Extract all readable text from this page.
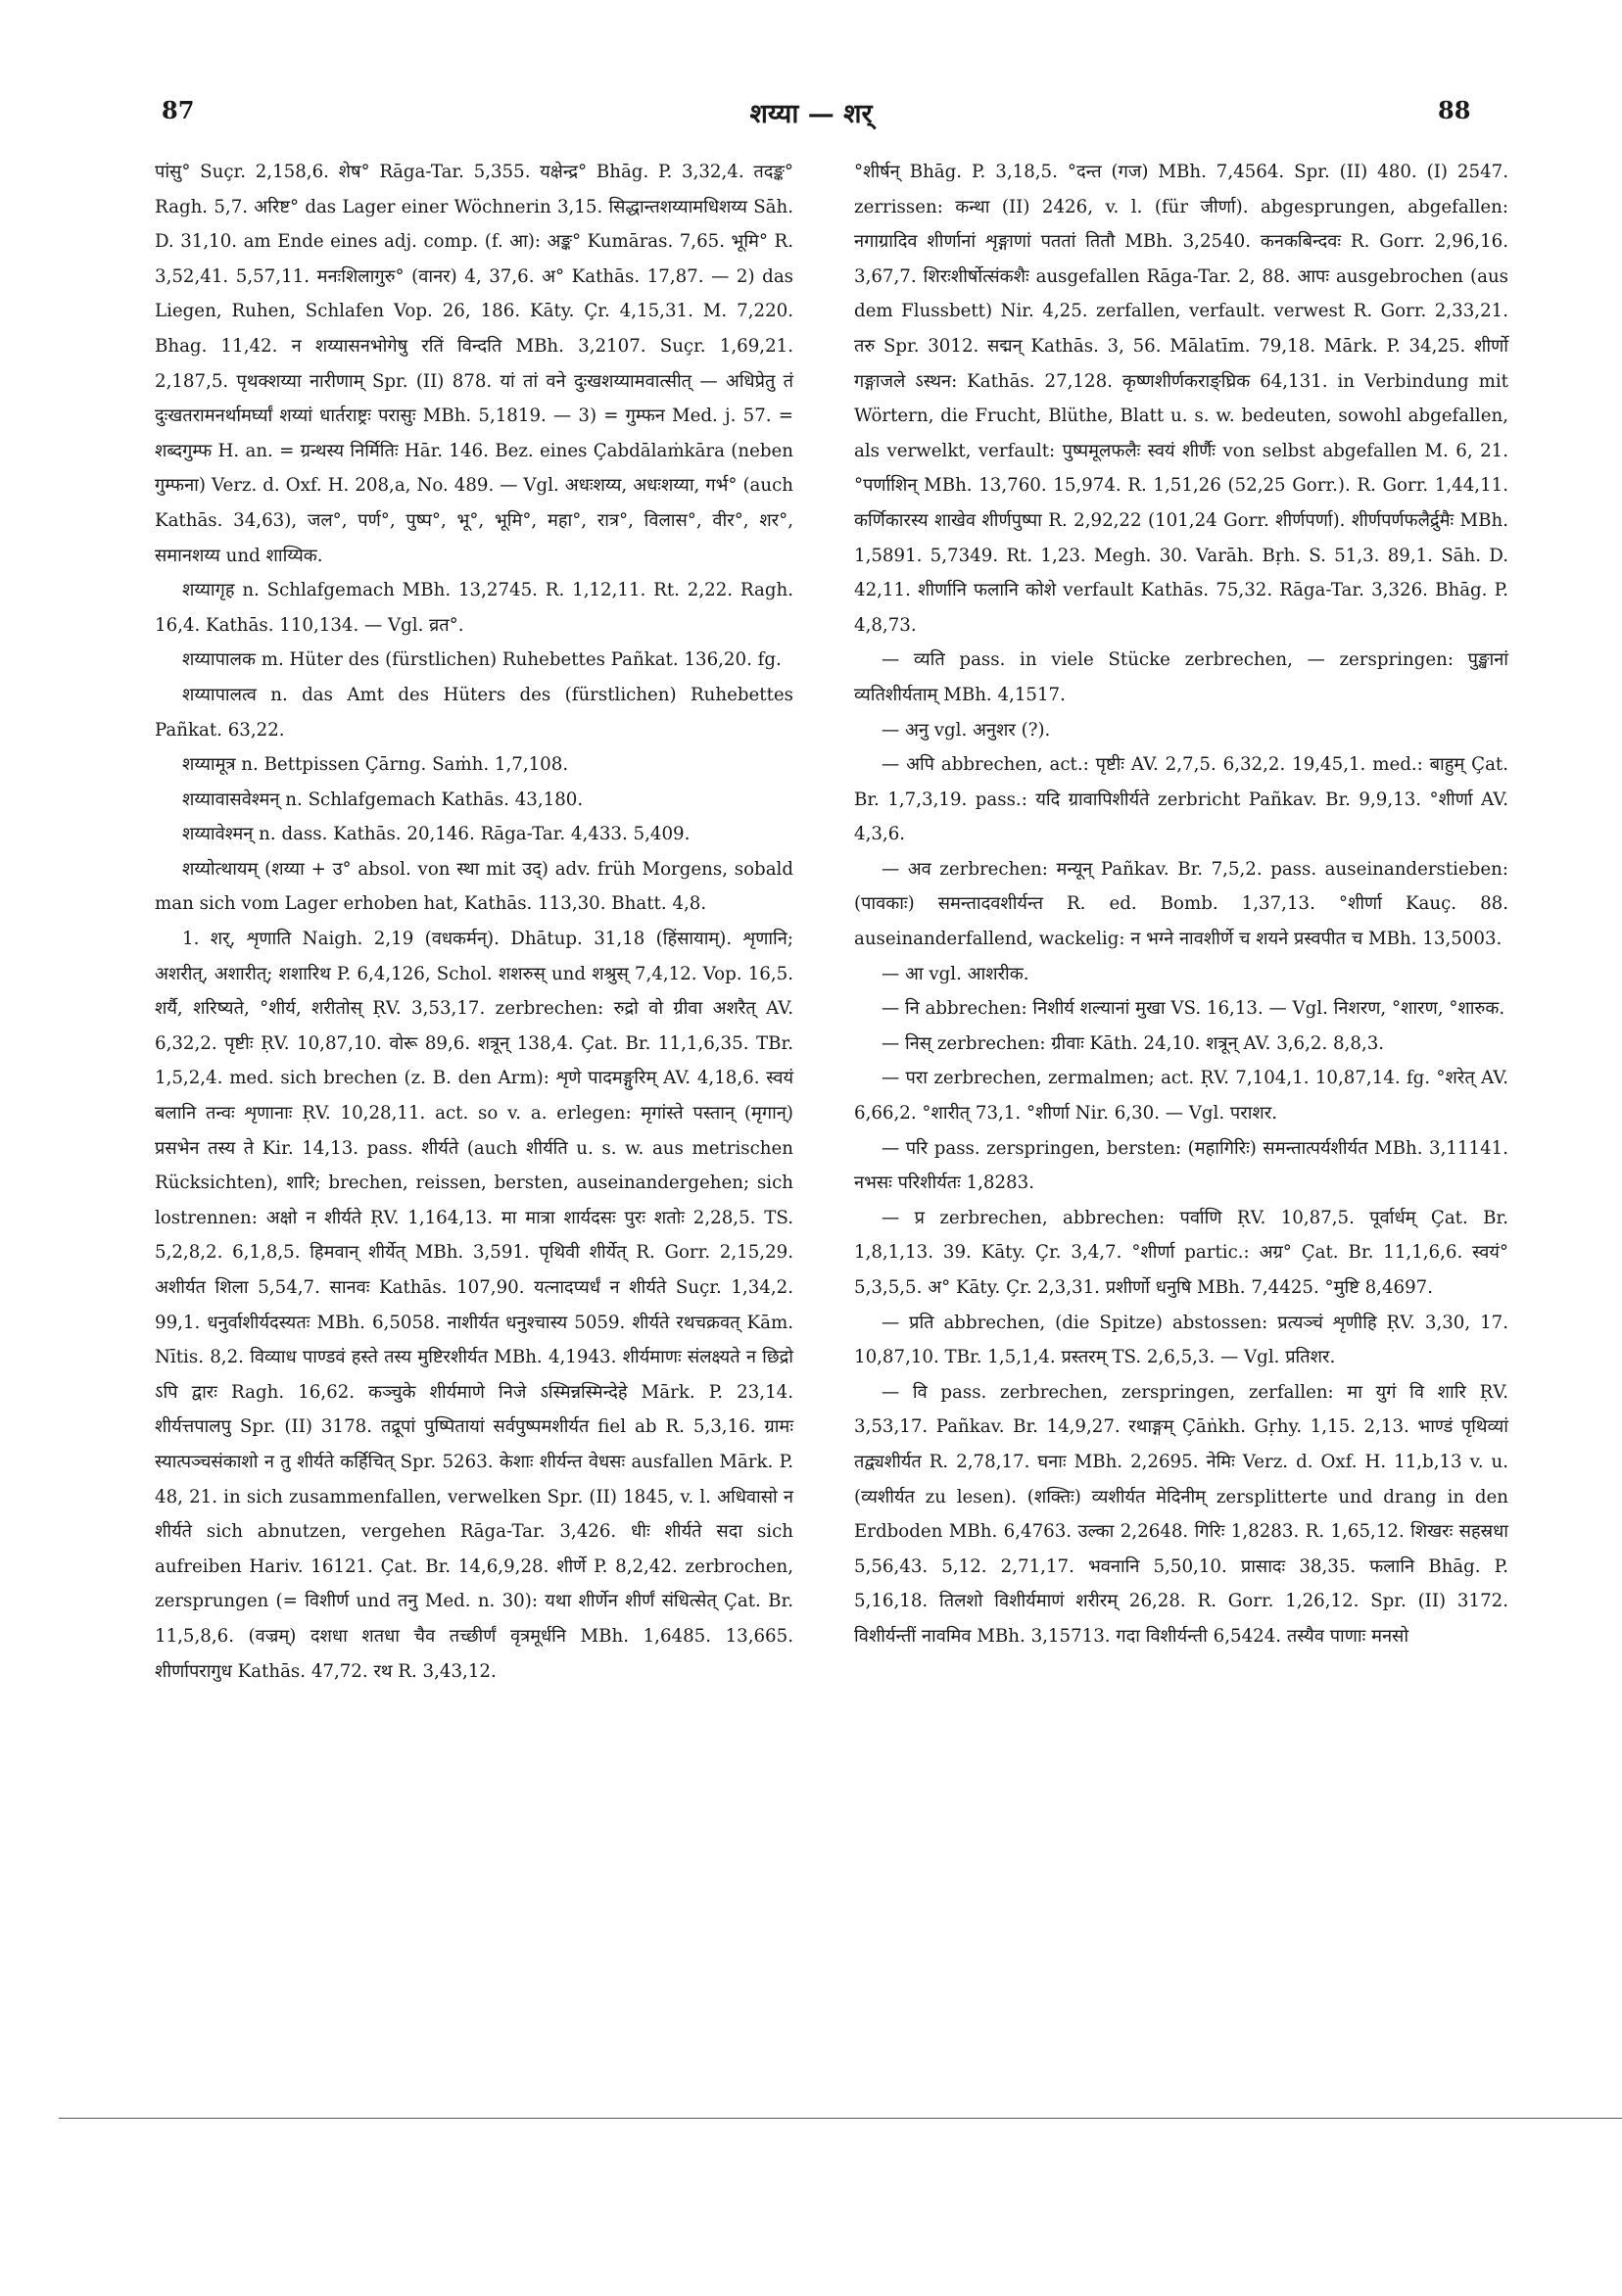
87	शय्या — शर्	88

पांसु° Suçr. 2,158,6. शेष° Rāga-Tar. 5,355. यक्षेन्द्र° Bhāg. P. 3,32,4. तदङ्क° Ragh. 5,7. अरिष्ट° das Lager einer Wöchnerin 3,15. सिद्धान्तशय्यामधिशय्य Sāh. D. 31,10. am Ende eines adj. comp. (f. आ): अङ्क° Kumāras. 7,65. भूमि° R. 3,52,41. 5,57,11. मनःशिलागुरु° (वानर) 4, 37,6. अ° Kathās. 17,87. — 2) das Liegen, Ruhen, Schlafen Vop. 26, 186. Kāty. Çr. 4,15,31. M. 7,220. Bhag. 11,42. न शय्यासनभोगेषु रतिं विन्दति MBh. 3,2107. Suçr. 1,69,21. 2,187,5. पृथक्शय्या नारीणाम् Spr. (II) 878. यां तां वने दुःखशय्यामवात्सीत् — अधिप्रेतु तं दुःखतरामनर्थामर्घ्यां शय्यां धार्तराष्ट्रः परासुः MBh. 5,1819. — 3) = गुम्फन Med. j. 57. = शब्दगुम्फ H. an. = ग्रन्थस्य निर्मितिः Hār. 146. Bez. eines Çabdālaṁkāra (neben गुम्फना) Verz. d. Oxf. H. 208,a, No. 489. — Vgl. अधःशय्य, अधःशय्या, गर्भ° (auch Kathās. 34,63), जल°, पर्ण°, पुष्प°, भू°, भूमि°, महा°, रात्र°, विलास°, वीर°, शर°, समानशय्य und शाय्यिक.

शय्यागृह n. Schlafgemach MBh. 13,2745. R. 1,12,11. Rt. 2,22. Ragh. 16,4. Kathās. 110,134. — Vgl. व्रत°.

शय्यापालक m. Hüter des (fürstlichen) Ruhebettes Pañkat. 136,20. fg.

शय्यापालत्व n. das Amt des Hüters des (fürstlichen) Ruhebettes Pañkat. 63,22.

शय्यामूत्र n. Bettpissen Çārng. Saṁh. 1,7,108.

शय्यावासवेश्मन् n. Schlafgemach Kathās. 43,180.

शय्यावेश्मन् n. dass. Kathās. 20,146. Rāga-Tar. 4,433. 5,409.

शय्योत्थायम् (शय्या + उ° absol. von स्था mit उद्) adv. früh Morgens, sobald man sich vom Lager erhoben hat, Kathās. 113,30. Bhatt. 4,8.

1. शर्, शृणाति Naigh. 2,19 (वधकर्मन्). Dhātup. 31,18 (हिंसायाम्). शृणानि; अशरीत्, अशारीत्; शशारिथ P. 6,4,126, Schol. शशरुस् und शश्रुस् 7,4,12. Vop. 16,5. शर्यै, शरिष्यते, °शीर्य, शरीतोस् ṚV. 3,53,17. zerbrechen: रुद्रो वो ग्रीवा अशरैत् AV. 6,32,2. पृष्टीः ṚV. 10,87,10. वोरू 89,6. शत्रून् 138,4. Çat. Br. 11,1,6,35. TBr. 1,5,2,4. med. sich brechen (z. B. den Arm): शृणे पादमङ्गुरिम् AV. 4,18,6. स्वयं बलानि तन्वः शृणानाः ṚV. 10,28,11. act. so v. a. erlegen: मृगांस्ते पस्तान् (मृगान्) प्रसभेन तस्य ते Kir. 14,13. pass. शीर्यते (auch शीर्यति u. s. w. aus metrischen Rücksichten), शारि; brechen, reissen, bersten, auseinandergehen; sich lostrennen: अक्षो न शीर्यते ṚV. 1,164,13. मा मात्रा शार्यदसः पुरः शतोः 2,28,5. TS. 5,2,8,2. 6,1,8,5. हिमवान् शीर्येत् MBh. 3,591. पृथिवी शीर्येत् R. Gorr. 2,15,29. अशीर्यत शिला 5,54,7. सानवः Kathās. 107,90. यत्नादप्यर्धं न शीर्यते Suçr. 1,34,2. 99,1. धनुर्वाशीर्यदस्यतः MBh. 6,5058. नाशीर्यत धनुश्चास्य 5059. शीर्यते रथचक्रवत् Kām. Nītis. 8,2. विव्याध पाण्डवं हस्ते तस्य मुष्टिरशीर्यत MBh. 4,1943. शीर्यमाणः संलक्ष्यते न छिद्रो ऽपि द्वारः Ragh. 16,62. कञ्चुके शीर्यमाणे निजे ऽस्मिन्नस्मिन्देहे Mārk. P. 23,14. शीर्यत्तपालपु Spr. (II) 3178. तद्रूपां पुष्पितायां सर्वपुष्पमशीर्यत fiel ab R. 5,3,16. ग्रामः स्यात्पञ्चसंकाशो न तु शीर्यते कर्हिचित् Spr. 5263. केशाः शीर्यन्त वेधसः ausfallen Mārk. P. 48, 21. in sich zusammenfallen, verwelken Spr. (II) 1845, v. l. अधिवासो न शीर्यते sich abnutzen, vergehen Rāga-Tar. 3,426. धीः शीर्यते सदा sich aufreiben Hariv. 16121. Çat. Br. 14,6,9,28. शीर्णे P. 8,2,42. zerbrochen, zersprungen (= विशीर्ण und तनु Med. n. 30): यथा शीर्णेन शीर्णं संधित्सेत् Çat. Br. 11,5,8,6. (वज्रम्) दशधा शतधा चैव तच्छीर्णं वृत्रमूर्धनि MBh. 1,6485. 13,665. शीर्णापरागुध Kathās. 47,72. रथ R. 3,43,12.

°शीर्षन् Bhāg. P. 3,18,5. °दन्त (गज) MBh. 7,4564. Spr. (II) 480. (I) 2547. zerrissen: कन्था (II) 2426, v. l. (für जीर्णा). abgesprungen, abgefallen: नगाग्रादिव शीर्णानां शृङ्गाणां पततां तितौ MBh. 3,2540. कनकबिन्दवः R. Gorr. 2,96,16. 3,67,7. शिरःशीर्षोत्संकशैः ausgefallen Rāga-Tar. 2, 88. आपः ausgebrochen (aus dem Flussbett) Nir. 4,25. zerfallen, verfault. verwest R. Gorr. 2,33,21. तरु Spr. 3012. सद्मन् Kathās. 3, 56. Mālatīm. 79,18. Mārk. P. 34,25. शीर्णो गङ्गाजले ऽस्थन: Kathās. 27,128. कृष्णशीर्णकराङ्घ्रिक 64,131. in Verbindung mit Wörtern, die Frucht, Blüthe, Blatt u. s. w. bedeuten, sowohl abgefallen, als verwelkt, verfault: पुष्पमूलफलैः स्वयं शीर्णैः von selbst abgefallen M. 6, 21. °पर्णाशिन् MBh. 13,760. 15,974. R. 1,51,26 (52,25 Gorr.). R. Gorr. 1,44,11. कर्णिकारस्य शाखेव शीर्णपुष्पा R. 2,92,22 (101,24 Gorr. शीर्णपर्णा). शीर्णपर्णफलैर्द्रुमैः MBh. 1,5891. 5,7349. Rt. 1,23. Megh. 30. Varāh. Bṛh. S. 51,3. 89,1. Sāh. D. 42,11. शीर्णानि फलानि कोशे verfault Kathās. 75,32. Rāga-Tar. 3,326. Bhāg. P. 4,8,73.

— व्यति pass. in viele Stücke zerbrechen, — zerspringen: पुङ्खानां व्यतिशीर्यताम् MBh. 4,1517.

— अनु vgl. अनुशर (?).

— अपि abbrechen, act.: पृष्टीः AV. 2,7,5. 6,32,2. 19,45,1. med.: बाहुम् Çat. Br. 1,7,3,19. pass.: यदि ग्रावापिशीर्यते zerbricht Pañkav. Br. 9,9,13. °शीर्णा AV. 4,3,6.

— अव zerbrechen: मन्यून् Pañkav. Br. 7,5,2. pass. auseinanderstieben: (पावकाः) समन्तादवशीर्यन्त R. ed. Bomb. 1,37,13. °शीर्णा Kauç. 88. auseinanderfallend, wackelig: न भग्ने नावशीर्णे च शयने प्रस्वपीत च MBh. 13,5003.

— आ vgl. आशरीक.

— नि abbrechen: निशीर्य शल्यानां मुखा VS. 16,13. — Vgl. निशरण, °शारण, °शारुक.

— निस् zerbrechen: ग्रीवाः Kāth. 24,10. शत्रून् AV. 3,6,2. 8,8,3.

— परा zerbrechen, zermalmen; act. ṚV. 7,104,1. 10,87,14. fg. °शरेत् AV. 6,66,2. °शारीत् 73,1. °शीर्णा Nir. 6,30. — Vgl. पराशर.

— परि pass. zerspringen, bersten: (महागिरिः) समन्तात्पर्यशीर्यत MBh. 3,11141. नभसः परिशीर्यतः 1,8283.

— प्र zerbrechen, abbrechen: पर्वाणि ṚV. 10,87,5. पूर्वार्धम् Çat. Br. 1,8,1,13. 39. Kāty. Çr. 3,4,7. °शीर्णा partic.: अग्र° Çat. Br. 11,1,6,6. स्वयं° 5,3,5,5. अ° Kāty. Çr. 2,3,31. प्रशीर्णो धनुषि MBh. 7,4425. °मुष्टि 8,4697.

— प्रति abbrechen, (die Spitze) abstossen: प्रत्यञ्चं शृणीहि ṚV. 3,30, 17. 10,87,10. TBr. 1,5,1,4. प्रस्तरम् TS. 2,6,5,3. — Vgl. प्रतिशर.

— वि pass. zerbrechen, zerspringen, zerfallen: मा युगं वि शारि ṚV. 3,53,17. Pañkav. Br. 14,9,27. रथाङ्गम् Çāṅkh. Gṛhy. 1,15. 2,13. भाण्डं पृथिव्यां तद्व्यशीर्यत R. 2,78,17. घनाः MBh. 2,2695. नेमिः Verz. d. Oxf. H. 11,b,13 v. u. (व्यशीर्यत zu lesen). (शक्तिः) व्यशीर्यत मेदिनीम् zersplitterte und drang in den Erdboden MBh. 6,4763. उल्का 2,2648. गिरिः 1,8283. R. 1,65,12. शिखरः सहस्रधा 5,56,43. 5,12. 2,71,17. भवनानि 5,50,10. प्रासादः 38,35. फलानि Bhāg. P. 5,16,18. तिलशो विशीर्यमाणं शरीरम् 26,28. R. Gorr. 1,26,12. Spr. (II) 3172. विशीर्यन्तीं नावमिव MBh. 3,15713. गदा विशीर्यन्ती 6,5424. तस्यैव पाणाः मनसो
